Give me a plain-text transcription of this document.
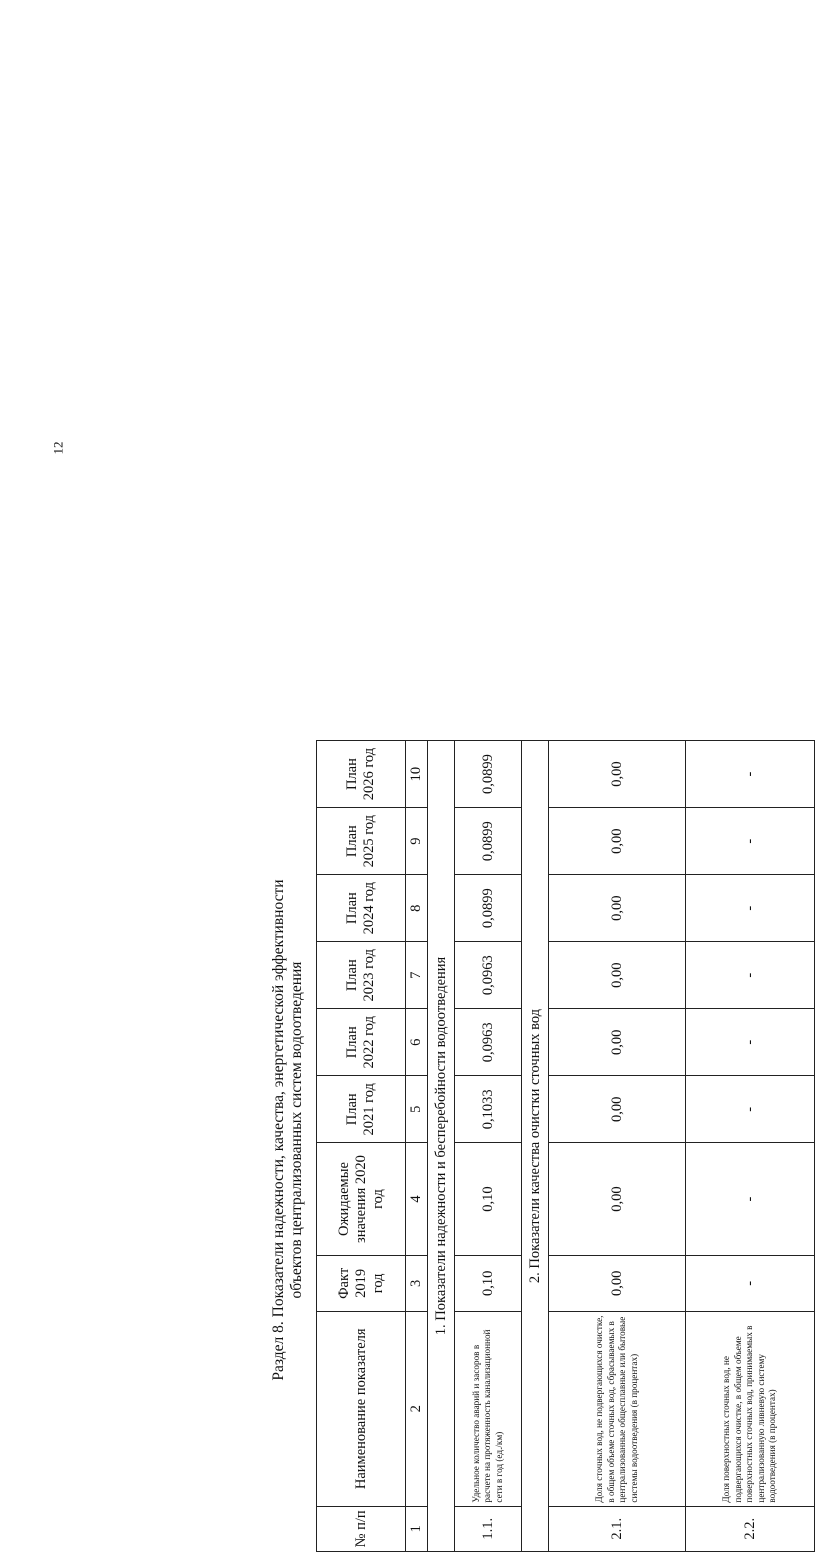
12
Раздел 8. Показатели надежности, качества, энергетической эффективности объектов централизованных систем водоотведения
№ п/п	Наименование показателя	Факт 2019 год	Ожидаемые значения 2020 год	План 2021 год	План 2022 год	План 2023 год	План 2024 год	План 2025 год	План 2026 год
1	2	3	4	5	6	7	8	9	10
1. Показатели надежности и бесперебойности водоотведения									
1.1.	Удельное количество аварий и засоров в расчете на протяженность канализационной сети в год (ед./км)	0,10	0,10	0,1033	0,0963	0,0963	0,0899	0,0899	0,0899
2. Показатели качества очистки сточных вод									
2.1.	Доля сточных вод, не подвергающихся очистке, в общем объеме сточных вод, сбрасываемых в централизованные общесплавные или бытовые системы водоотведения (в процентах)	0,00	0,00	0,00	0,00	0,00	0,00	0,00	0,00
2.2.	Доля поверхностных сточных вод, не подвергающихся очистке, в общем объеме поверхностных сточных вод, принимаемых в централизованную ливневую систему водоотведения (в процентах)	-	-	-	-	-	-	-	-
